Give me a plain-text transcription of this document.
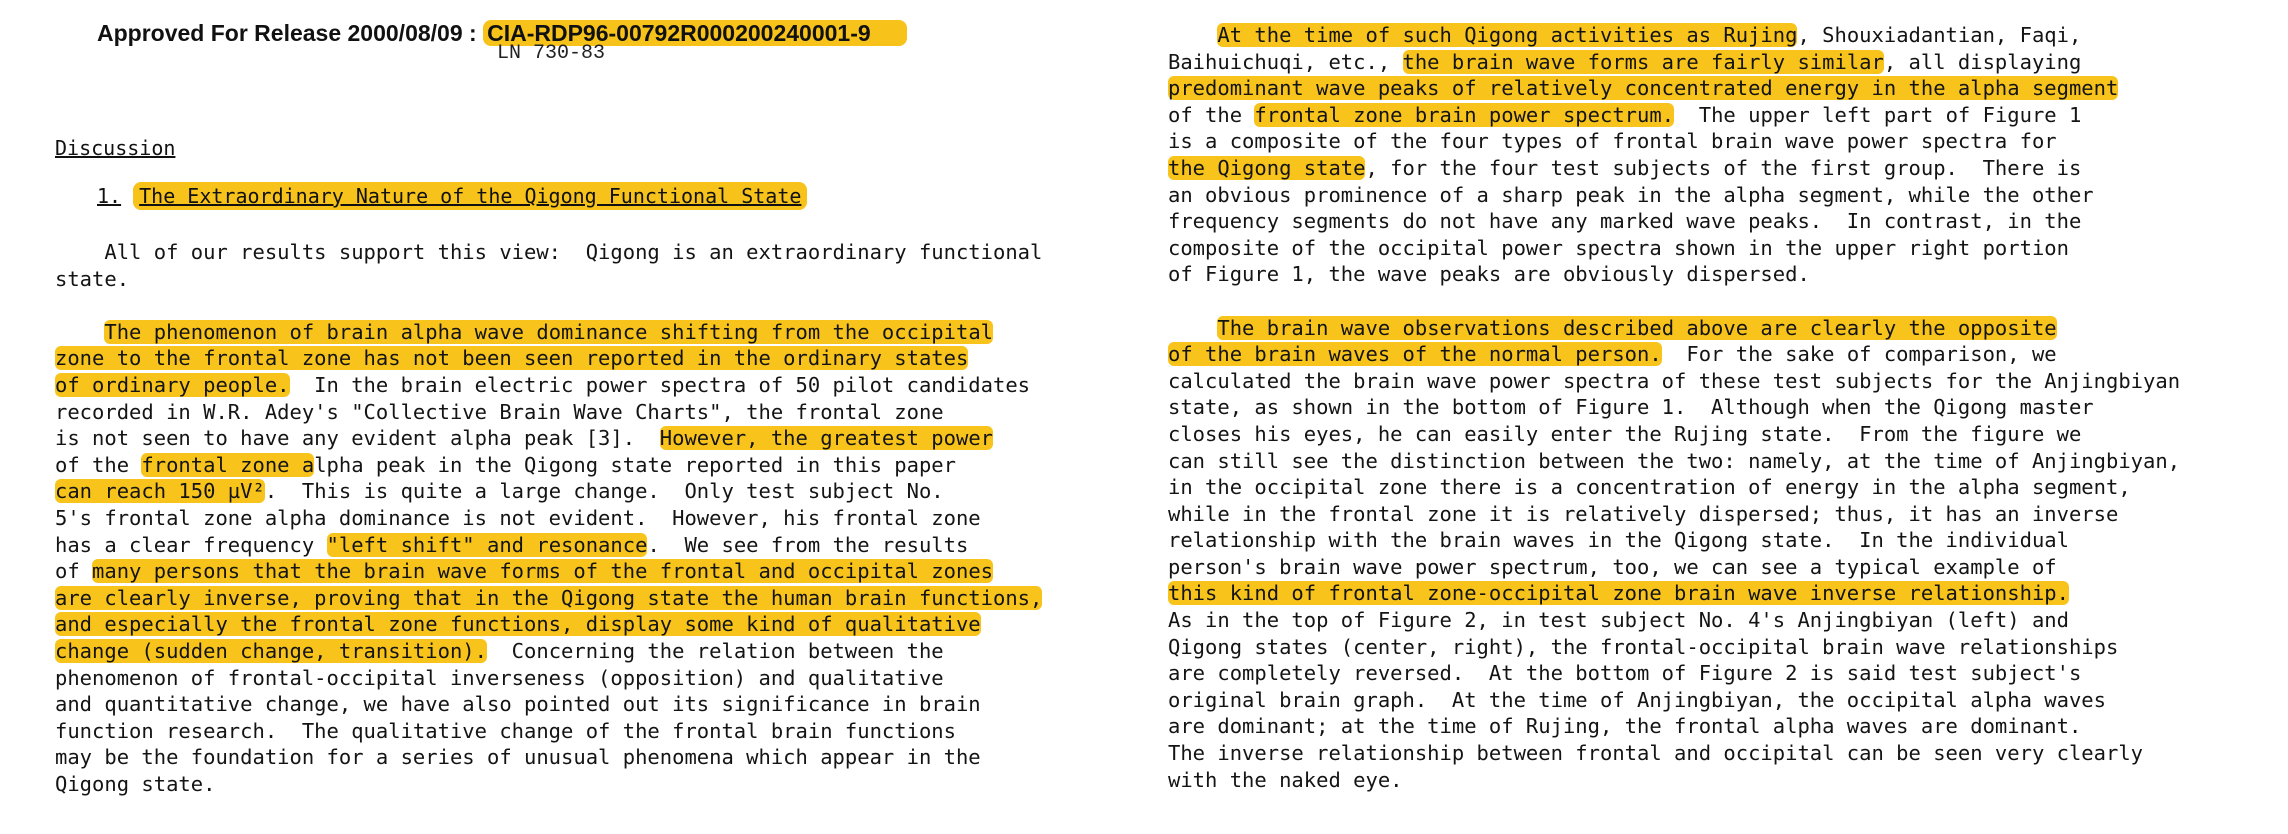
Approved For Release 2000/08/09 : CIA-RDP96-00792R000200240001-9
LN 730-83
Discussion
1. The Extraordinary Nature of the Qigong Functional State
All of our results support this view:  Qigong is an extraordinary functional
state.
The phenomenon of brain alpha wave dominance shifting from the occipital
zone to the frontal zone has not been seen reported in the ordinary states
of ordinary people.  In the brain electric power spectra of 50 pilot candidates
recorded in W.R. Adey's "Collective Brain Wave Charts", the frontal zone
is not seen to have any evident alpha peak [3].  However, the greatest power
of the frontal zone alpha peak in the Qigong state reported in this paper
can reach 150 µV².  This is quite a large change.  Only test subject No.
5's frontal zone alpha dominance is not evident.  However, his frontal zone
has a clear frequency "left shift" and resonance.  We see from the results
of many persons that the brain wave forms of the frontal and occipital zones
are clearly inverse, proving that in the Qigong state the human brain functions,
and especially the frontal zone functions, display some kind of qualitative
change (sudden change, transition).  Concerning the relation between the
phenomenon of frontal-occipital inverseness (opposition) and qualitative
and quantitative change, we have also pointed out its significance in brain
function research.  The qualitative change of the frontal brain functions
may be the foundation for a series of unusual phenomena which appear in the
Qigong state.
At the time of such Qigong activities as Rujing, Shouxiadantian, Faqi,
Baihuichuqi, etc., the brain wave forms are fairly similar, all displaying
predominant wave peaks of relatively concentrated energy in the alpha segment
of the frontal zone brain power spectrum.  The upper left part of Figure 1
is a composite of the four types of frontal brain wave power spectra for
the Qigong state, for the four test subjects of the first group.  There is
an obvious prominence of a sharp peak in the alpha segment, while the other
frequency segments do not have any marked wave peaks.  In contrast, in the
composite of the occipital power spectra shown in the upper right portion
of Figure 1, the wave peaks are obviously dispersed.
The brain wave observations described above are clearly the opposite
of the brain waves of the normal person.  For the sake of comparison, we
calculated the brain wave power spectra of these test subjects for the Anjingbiyan
state, as shown in the bottom of Figure 1.  Although when the Qigong master
closes his eyes, he can easily enter the Rujing state.  From the figure we
can still see the distinction between the two: namely, at the time of Anjingbiyan,
in the occipital zone there is a concentration of energy in the alpha segment,
while in the frontal zone it is relatively dispersed; thus, it has an inverse
relationship with the brain waves in the Qigong state.  In the individual
person's brain wave power spectrum, too, we can see a typical example of
this kind of frontal zone-occipital zone brain wave inverse relationship.
As in the top of Figure 2, in test subject No. 4's Anjingbiyan (left) and
Qigong states (center, right), the frontal-occipital brain wave relationships
are completely reversed.  At the bottom of Figure 2 is said test subject's
original brain graph.  At the time of Anjingbiyan, the occipital alpha waves
are dominant; at the time of Rujing, the frontal alpha waves are dominant.
The inverse relationship between frontal and occipital can be seen very clearly
with the naked eye.
